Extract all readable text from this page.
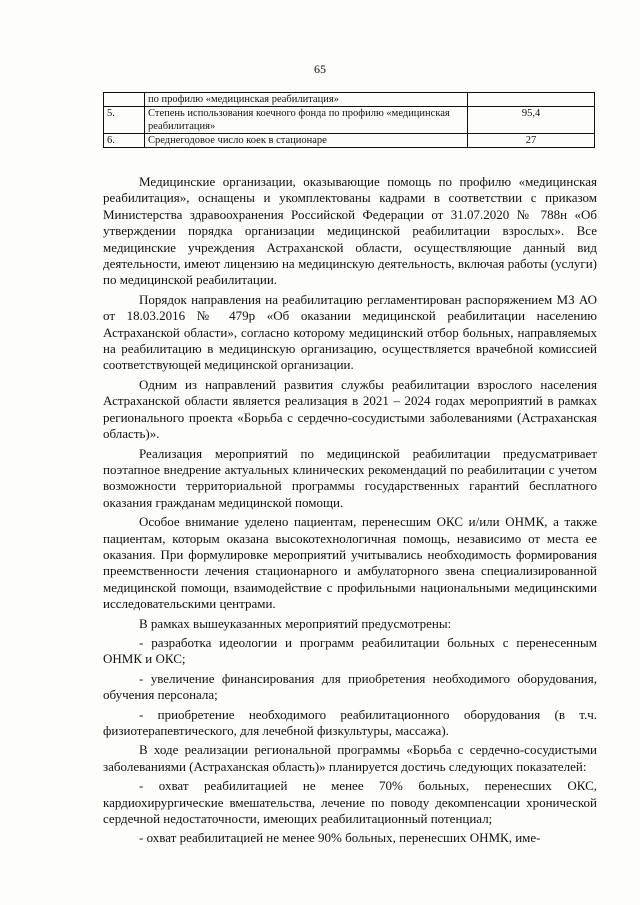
65
	по профилю «медицинская реабилитация»	
5.	Степень использования коечного фонда по профилю «медицинская реабилитация»	95,4
6.	Среднегодовое число коек в стационаре	27

Медицинские организации, оказывающие помощь по профилю «медицинская реабилитация», оснащены и укомплектованы кадрами в соответствии с приказом Министерства здравоохранения Российской Федерации от 31.07.2020 № 788н «Об утверждении порядка организации медицинской реабилитации взрослых». Все медицинские учреждения Астраханской области, осуществляющие данный вид деятельности, имеют лицензию на медицинскую деятельность, включая работы (услуги) по медицинской реабилитации.

Порядок направления на реабилитацию регламентирован распоряжением МЗ АО от 18.03.2016 № 479р «Об оказании медицинской реабилитации населению Астраханской области», согласно которому медицинский отбор больных, направляемых на реабилитацию в медицинскую организацию, осуществляется врачебной комиссией соответствующей медицинской организации.

Одним из направлений развития службы реабилитации взрослого населения Астраханской области является реализация в 2021 – 2024 годах мероприятий в рамках регионального проекта «Борьба с сердечно-сосудистыми заболеваниями (Астраханская область)».

Реализация мероприятий по медицинской реабилитации предусматривает поэтапное внедрение актуальных клинических рекомендаций по реабилитации с учетом возможности территориальной программы государственных гарантий бесплатного оказания гражданам медицинской помощи.

Особое внимание уделено пациентам, перенесшим ОКС и/или ОНМК, а также пациентам, которым оказана высокотехнологичная помощь, независимо от места ее оказания. При формулировке мероприятий учитывались необходимость формирования преемственности лечения стационарного и амбулаторного звена специализированной медицинской помощи, взаимодействие с профильными национальными медицинскими исследовательскими центрами.

В рамках вышеуказанных мероприятий предусмотрены:

- разработка идеологии и программ реабилитации больных с перенесенным ОНМК и ОКС;

- увеличение финансирования для приобретения необходимого оборудования, обучения персонала;

- приобретение необходимого реабилитационного оборудования (в т.ч. физиотерапевтического, для лечебной физкультуры, массажа).

В ходе реализации региональной программы «Борьба с сердечно-сосудистыми заболеваниями (Астраханская область)» планируется достичь следующих показателей:

- охват реабилитацией не менее 70% больных, перенесших ОКС, кардиохирургические вмешательства, лечение по поводу декомпенсации хронической сердечной недостаточности, имеющих реабилитационный потенциал;

- охват реабилитацией не менее 90% больных, перенесших ОНМК, име-
